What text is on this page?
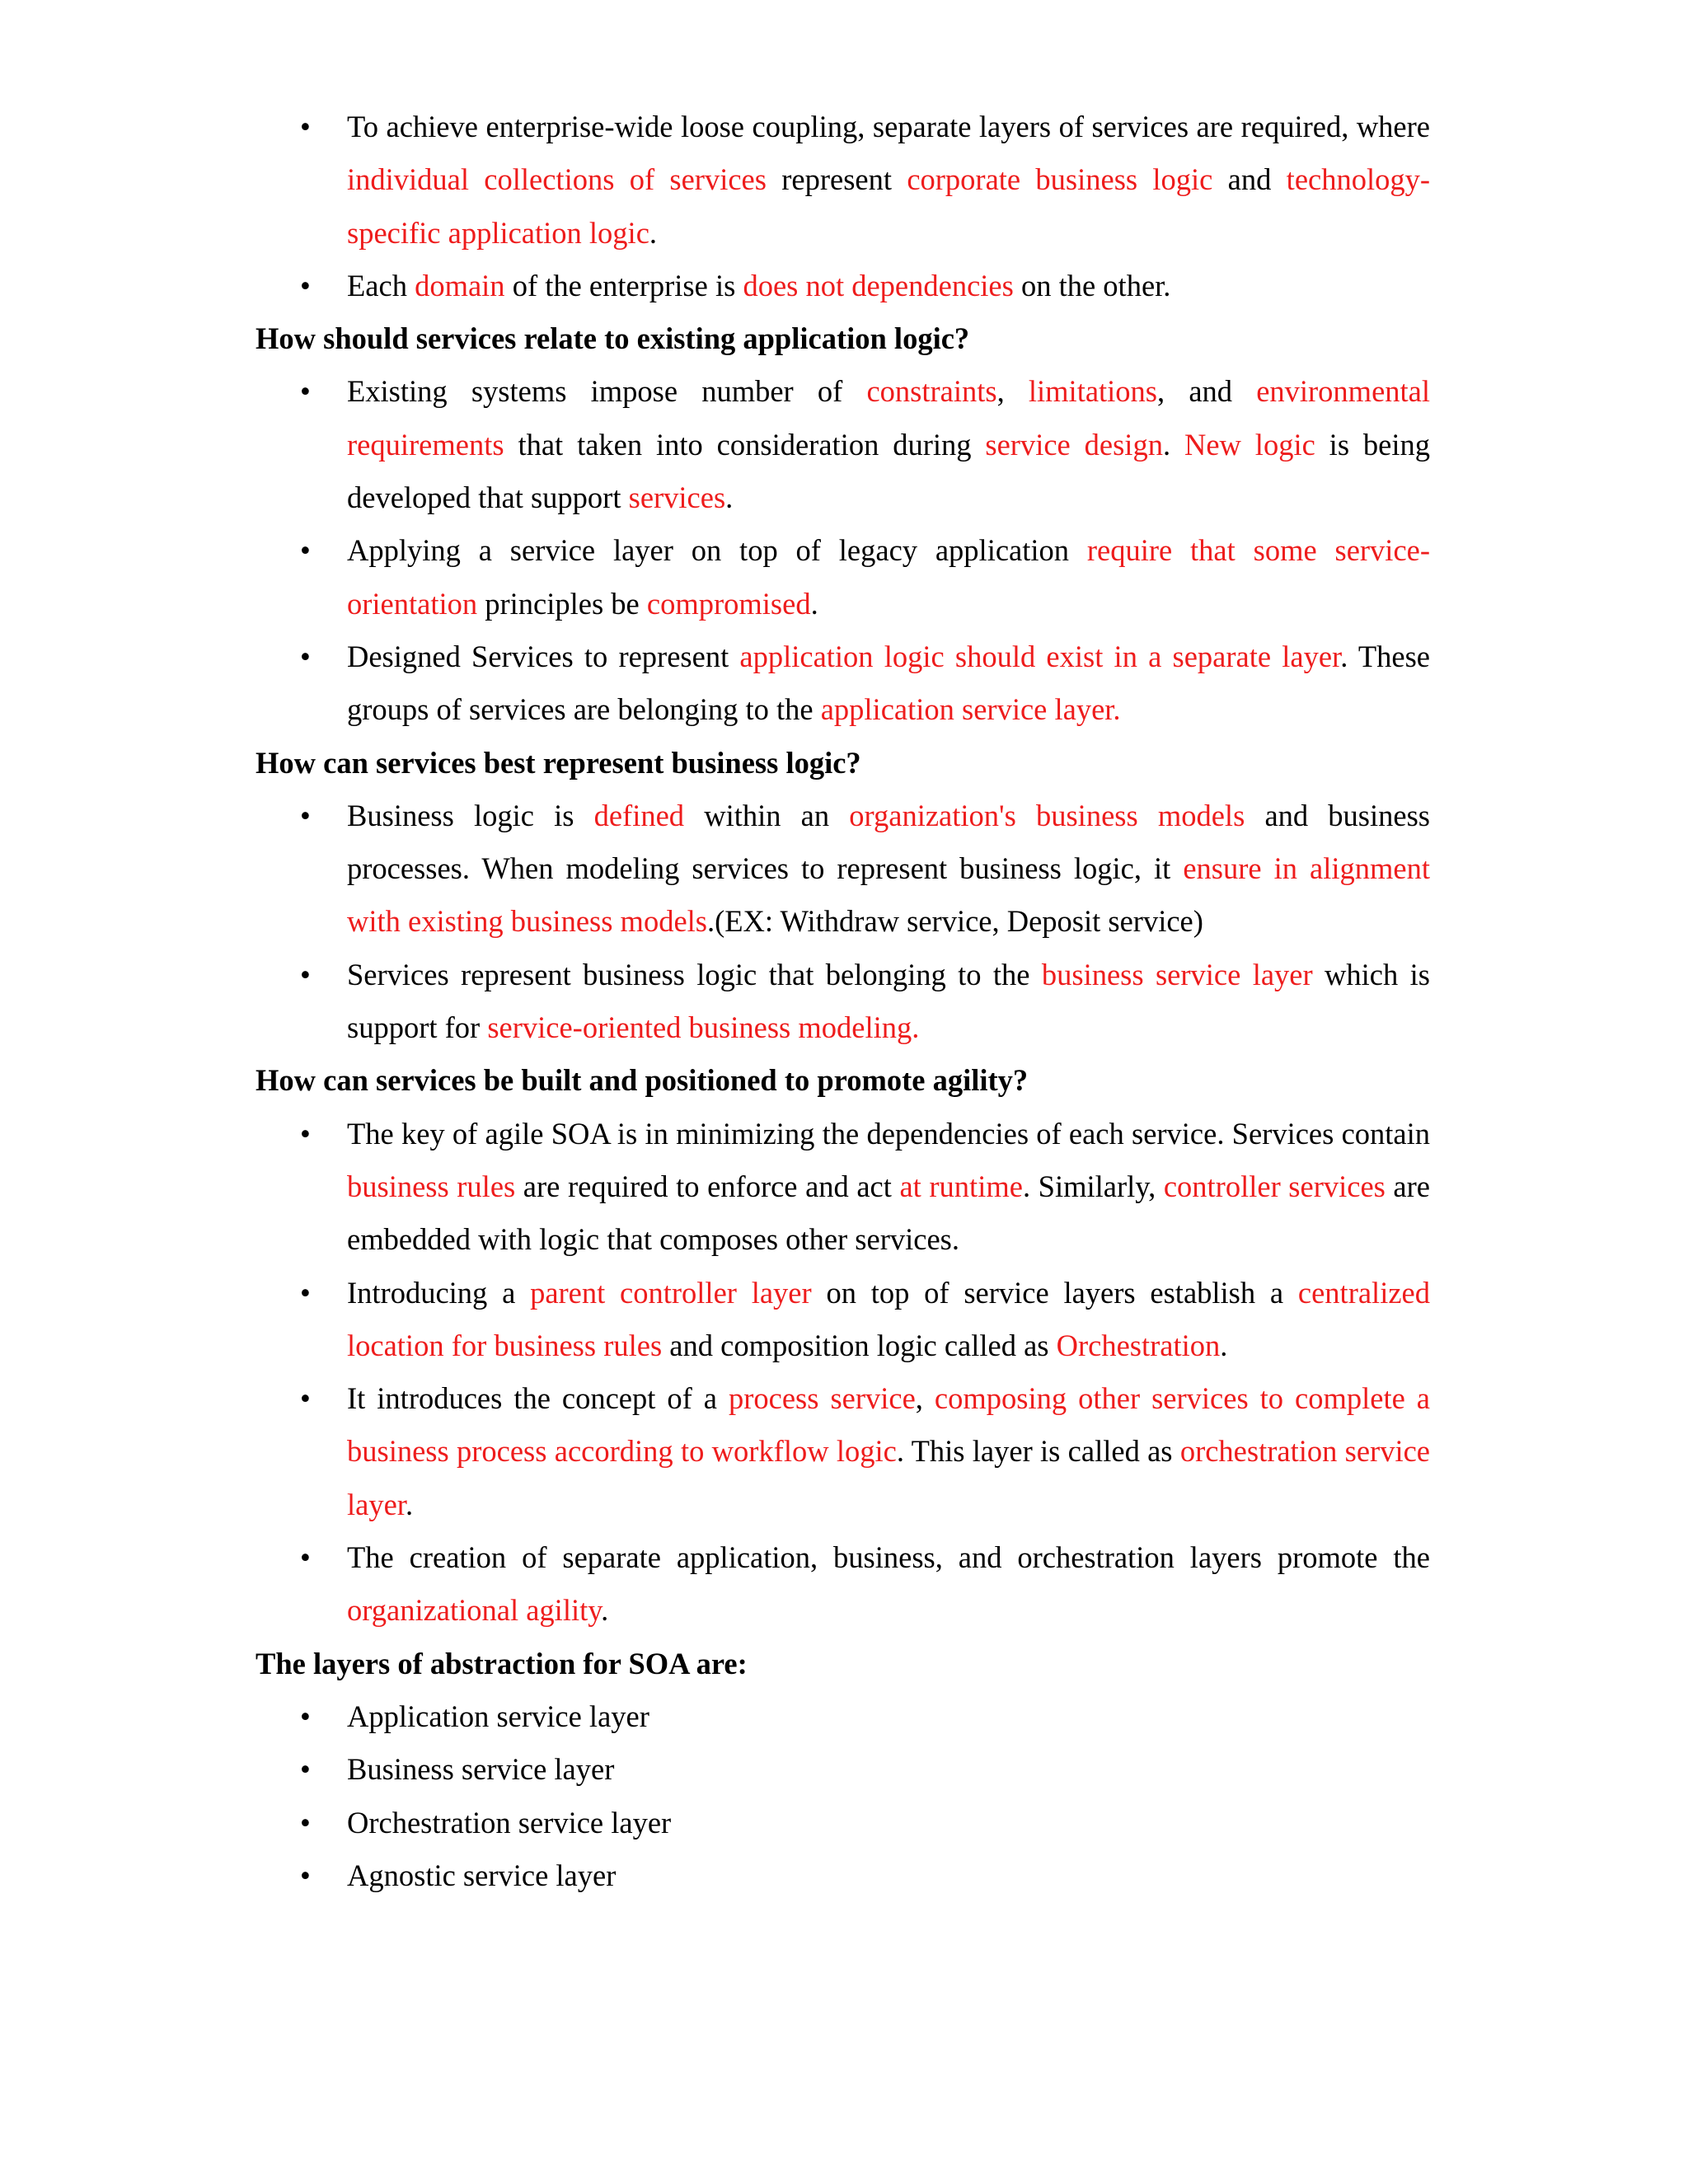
• To achieve enterprise-wide loose coupling, separate layers of services are required, where individual collections of services represent corporate business logic and technology-specific application logic.
• Each domain of the enterprise is does not dependencies on the other.

How should services relate to existing application logic?

• Existing systems impose number of constraints, limitations, and environmental requirements that taken into consideration during service design. New logic is being developed that support services.
• Applying a service layer on top of legacy application require that some service-orientation principles be compromised.
• Designed Services to represent application logic should exist in a separate layer. These groups of services are belonging to the application service layer.

How can services best represent business logic?

• Business logic is defined within an organization's business models and business processes. When modeling services to represent business logic, it ensure in alignment with existing business models.(EX: Withdraw service, Deposit service)
• Services represent business logic that belonging to the business service layer which is support for service-oriented business modeling.

How can services be built and positioned to promote agility?

• The key of agile SOA is in minimizing the dependencies of each service. Services contain business rules are required to enforce and act at runtime. Similarly, controller services are embedded with logic that composes other services.
• Introducing a parent controller layer on top of service layers establish a centralized location for business rules and composition logic called as Orchestration.
• It introduces the concept of a process service, composing other services to complete a business process according to workflow logic. This layer is called as orchestration service layer.
• The creation of separate application, business, and orchestration layers promote the organizational agility.

The layers of abstraction for SOA are:

• Application service layer
• Business service layer
• Orchestration service layer
• Agnostic service layer
